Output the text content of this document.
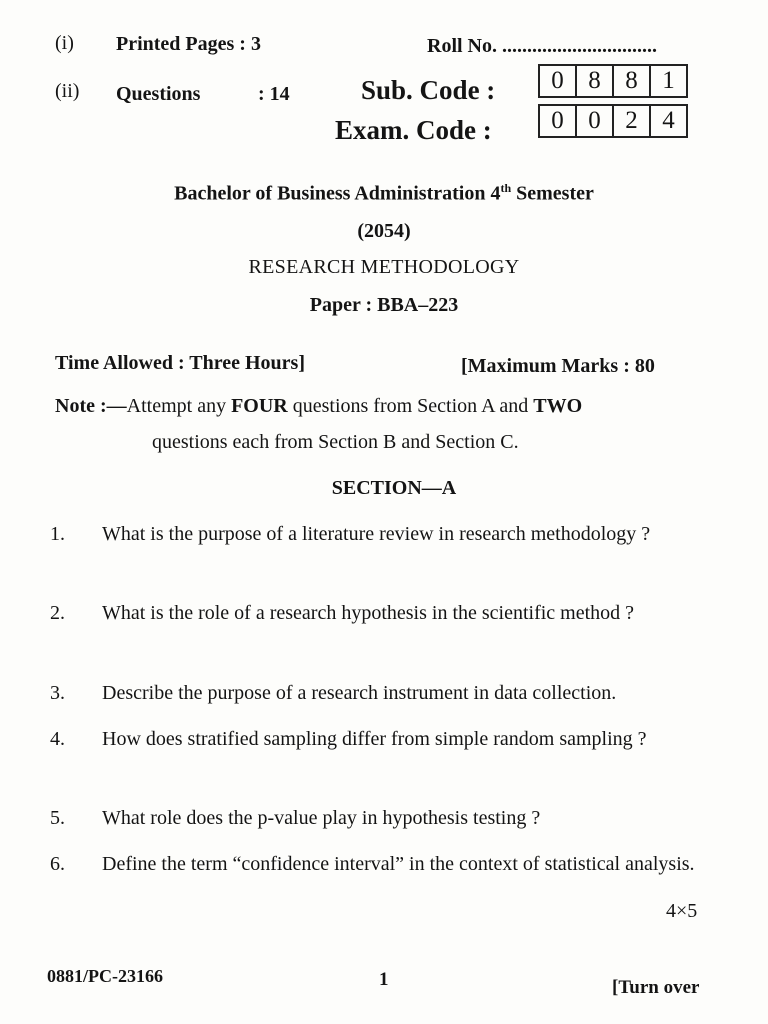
(i) Printed Pages : 3	Roll No. ...............................
(ii) Questions	: 14	Sub. Code :	0 8 8 1
Exam. Code :	0 0 2 4
Bachelor of Business Administration 4th Semester
(2054)
RESEARCH METHODOLOGY
Paper : BBA–223
Time Allowed : Three Hours]	[Maximum Marks : 80
Note :—Attempt any FOUR questions from Section A and TWO
questions each from Section B and Section C.
SECTION—A
1. What is the purpose of a literature review in research methodology ?
2. What is the role of a research hypothesis in the scientific method ?
3. Describe the purpose of a research instrument in data collection.
4. How does stratified sampling differ from simple random sampling ?
5. What role does the p-value play in hypothesis testing ?
6. Define the term “confidence interval” in the context of statistical analysis.
4×5
0881/PC-23166	1	[Turn over
